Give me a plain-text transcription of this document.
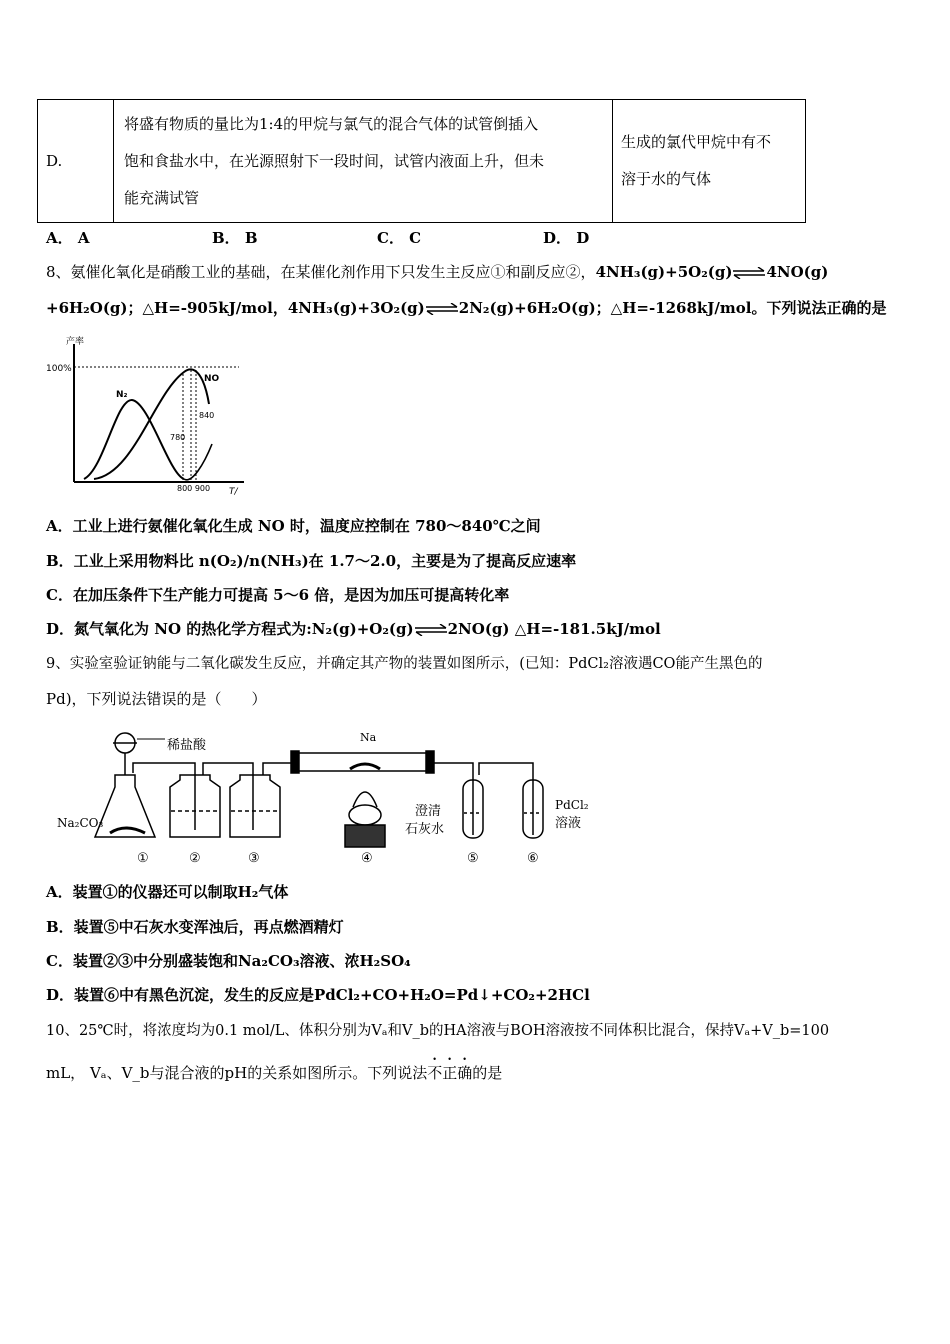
D.	
将盛有物质的量比为1:4的甲烷与氯气的混合气体的试管倒插入
饱和食盐水中，在光源照射下一段时间，试管内液面上升，但未
能充满试管

生成的氯代甲烷中有不
溶于水的气体
A． A	B． B	C． C	D． D
8、氨催化氧化是硝酸工业的基础，在某催化剂作用下只发生主反应①和副反应②，4NH₃(g)+5O₂(g)⇌4NO(g)
+6H₂O(g)；△H=-905kJ/mol，4NH₃(g)+3O₂(g)⇌2N₂(g)+6H₂O(g)；△H=-1268kJ/mol。下列说法正确的是
产率
100%
N₂
NO
840
780
800 900 T/
A．工业上进行氨催化氧化生成 NO 时，温度应控制在 780～840℃之间
B．工业上采用物料比 n(O₂)/n(NH₃)在 1.7～2.0，主要是为了提高反应速率
C．在加压条件下生产能力可提高 5～6 倍，是因为加压可提高转化率
D．氮气氧化为 NO 的热化学方程式为:N₂(g)+O₂(g)⇌2NO(g) △H=-181.5kJ/mol
9、实验室验证钠能与二氧化碳发生反应，并确定其产物的装置如图所示，(已知：PdCl₂溶液遇CO能产生黑色的
Pd)，下列说法错误的是（　　）
稀盐酸
Na
Na₂CO₃
澄清
石灰水
PdCl₂
溶液
①	②	③	④	⑤	⑥
A．装置①的仪器还可以制取H₂气体
B．装置⑤中石灰水变浑浊后，再点燃酒精灯
C．装置②③中分别盛装饱和Na₂CO₃溶液、浓H₂SO₄
D．装置⑥中有黑色沉淀，发生的反应是PdCl₂+CO+H₂O=Pd↓+CO₂+2HCl
10、25℃时，将浓度均为0.1 mol/L、体积分别为Vₐ和V_b的HA溶液与BOH溶液按不同体积比混合，保持Vₐ+V_b=100
mL， Vₐ、V_b与混合液的pH的关系如图所示。下列说法不正确的是
